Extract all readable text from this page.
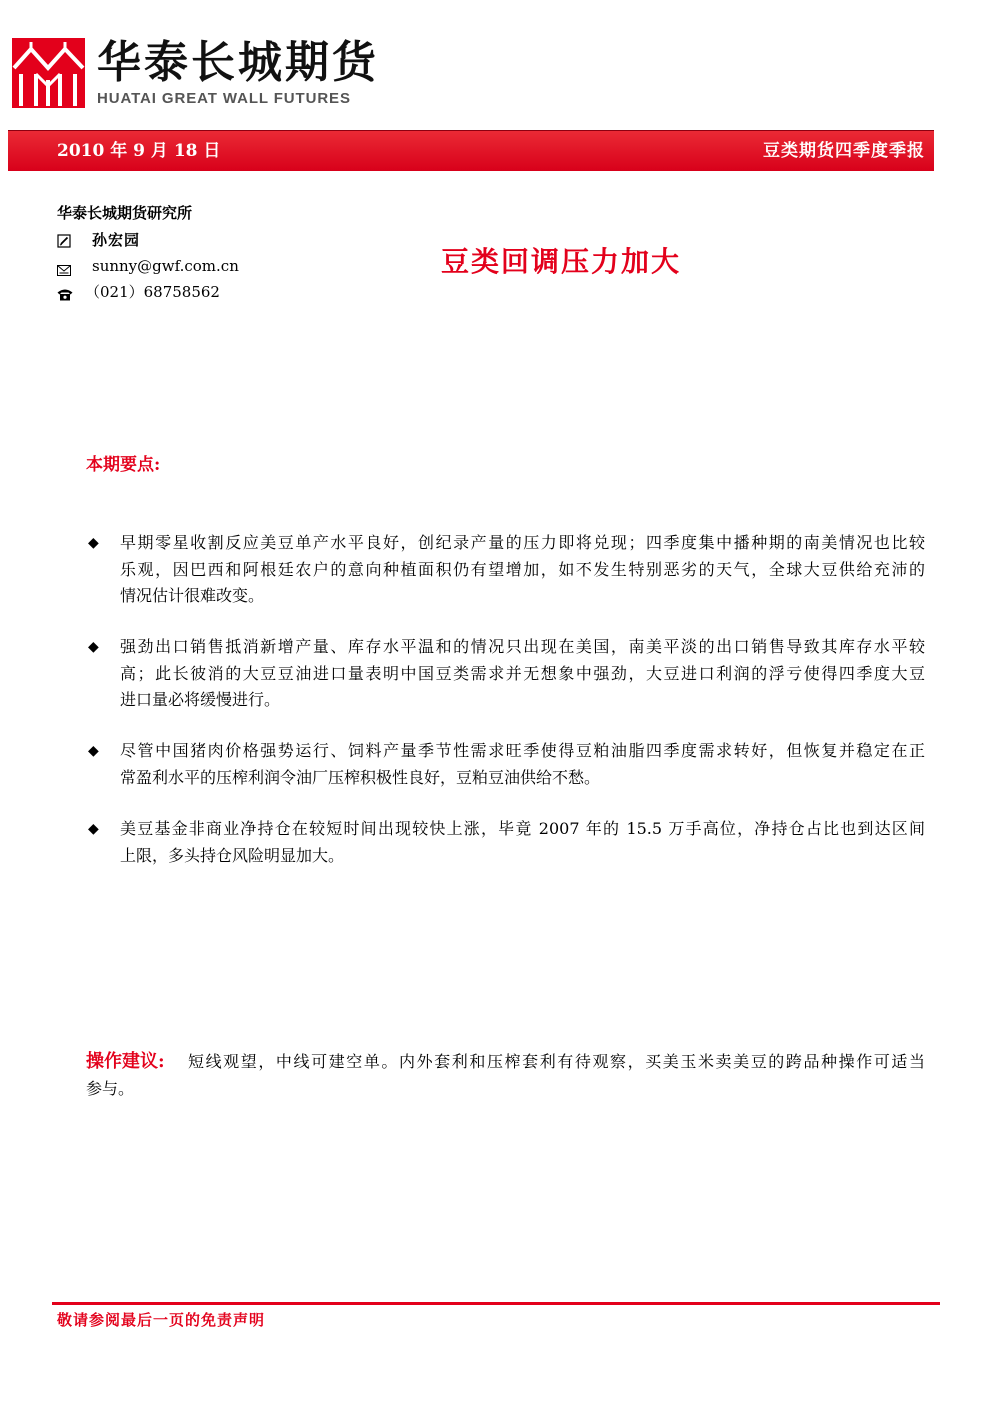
华泰长城期货
HUATAI GREAT WALL FUTURES
2010 年 9 月 18 日	豆类期货四季度季报
华泰长城期货研究所
孙宏园
sunny@gwf.com.cn
（021）68758562
豆类回调压力加大
本期要点:
◆ 早期零星收割反应美豆单产水平良好，创纪录产量的压力即将兑现；四季度集中播种期的南美情况也比较
乐观，因巴西和阿根廷农户的意向种植面积仍有望增加，如不发生特别恶劣的天气，全球大豆供给充沛的
情况估计很难改变。
◆ 强劲出口销售抵消新增产量、库存水平温和的情况只出现在美国，南美平淡的出口销售导致其库存水平较
高；此长彼消的大豆豆油进口量表明中国豆类需求并无想象中强劲，大豆进口利润的浮亏使得四季度大豆
进口量必将缓慢进行。
◆ 尽管中国猪肉价格强势运行、饲料产量季节性需求旺季使得豆粕油脂四季度需求转好，但恢复并稳定在正
常盈利水平的压榨利润令油厂压榨积极性良好，豆粕豆油供给不愁。
◆ 美豆基金非商业净持仓在较短时间出现较快上涨，毕竟 2007 年的 15.5 万手高位，净持仓占比也到达区间
上限，多头持仓风险明显加大。
操作建议:	短线观望，中线可建空单。内外套利和压榨套利有待观察，买美玉米卖美豆的跨品种操作可适当
参与。
敬请参阅最后一页的免责声明
